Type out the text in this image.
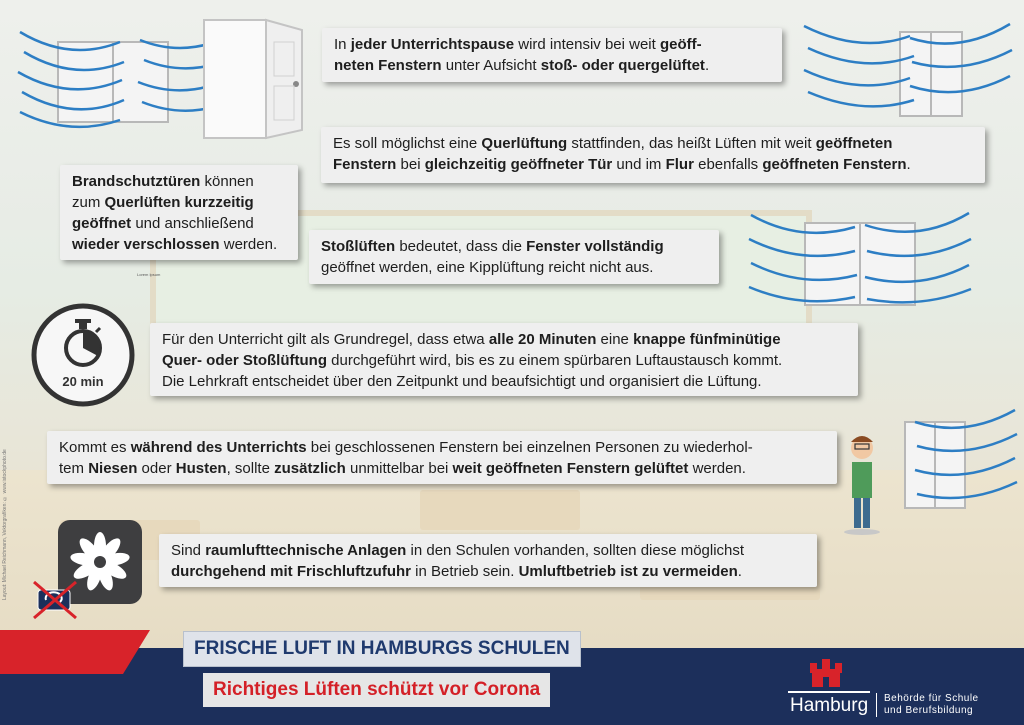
In jeder Unterrichtspause wird intensiv bei weit geöff-
neten Fenstern unter Aufsicht stoß- oder quergelüftet.
Es soll möglichst eine Querlüftung stattfinden, das heißt Lüften mit weit geöffneten
Fenstern bei gleichzeitig geöffneter Tür und im Flur ebenfalls geöffneten Fenstern.
Brandschutztüren können
zum Querlüften kurzzeitig
geöffnet und anschließend
wieder verschlossen werden.	Stoßlüften bedeutet, dass die Fenster vollständig
geöffnet werden, eine Kipplüftung reicht nicht aus.
Für den Unterricht gilt als Grundregel, dass etwa alle 20 Minuten eine knappe fünfminütige
Quer- oder Stoßlüftung durchgeführt wird, bis es zu einem spürbaren Luftaustausch kommt.
Die Lehrkraft entscheidet über den Zeitpunkt und beaufsichtigt und organisiert die Lüftung.
Kommt es während des Unterrichts bei geschlossenen Fenstern bei einzelnen Personen zu wiederhol-
tem Niesen oder Husten, sollte zusätzlich unmittelbar bei weit geöffneten Fenstern gelüftet werden.
Sind raumlufttechnische Anlagen in den Schulen vorhanden, sollten diese möglichst
durchgehend mit Frischluftzufuhr in Betrieb sein. Umluftbetrieb ist zu vermeiden.
20 min
Layout: Michael Reichmann, Vektorgrafiken: © www.istockphoto.de
Lorem Ipsum
FRISCHE LUFT IN HAMBURGS SCHULEN
Richtiges Lüften schützt vor Corona
Hamburg Behörde für Schule
und Berufsbildung
